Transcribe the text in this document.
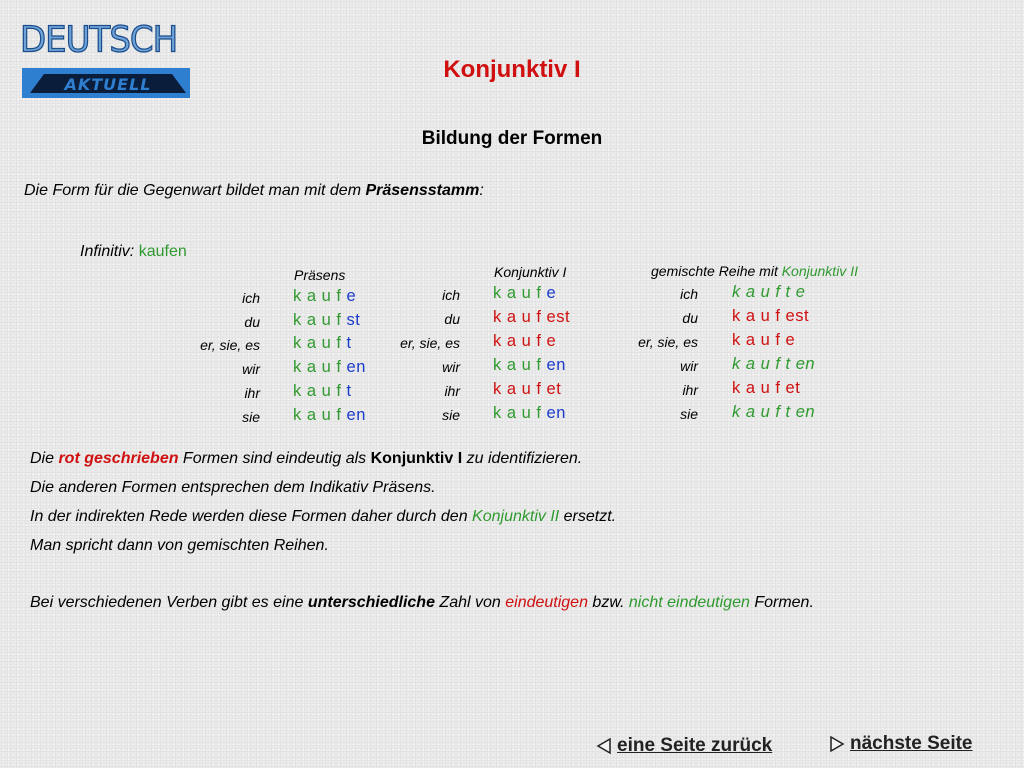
DEUTSCH
AKTUELL
Konjunktiv I
Bildung der Formen
Die Form für die Gegenwart bildet man mit dem Präsensstamm:
Infinitiv: kaufen
Präsens
ich k a u f e
du k a u f st
er, sie, es k a u f t
wir k a u f en
ihr k a u f t
sie k a u f en
Konjunktiv I
ich k a u f e
du k a u f est
er, sie, es k a u f e
wir k a u f en
ihr k a u f et
sie k a u f en
gemischte Reihe mit Konjunktiv II
ich k a u f t e
du k a u f est
er, sie, es k a u f e
wir k a u f t en
ihr k a u f et
sie k a u f t en
Die rot geschrieben Formen sind eindeutig als Konjunktiv I zu identifizieren.
Die anderen Formen entsprechen dem Indikativ Präsens.
In der indirekten Rede werden diese Formen daher durch den Konjunktiv II ersetzt.
Man spricht dann von gemischten Reihen.
Bei verschiedenen Verben gibt es eine unterschiedliche Zahl von eindeutigen bzw. nicht eindeutigen Formen.
eine Seite zurück	nächste Seite
